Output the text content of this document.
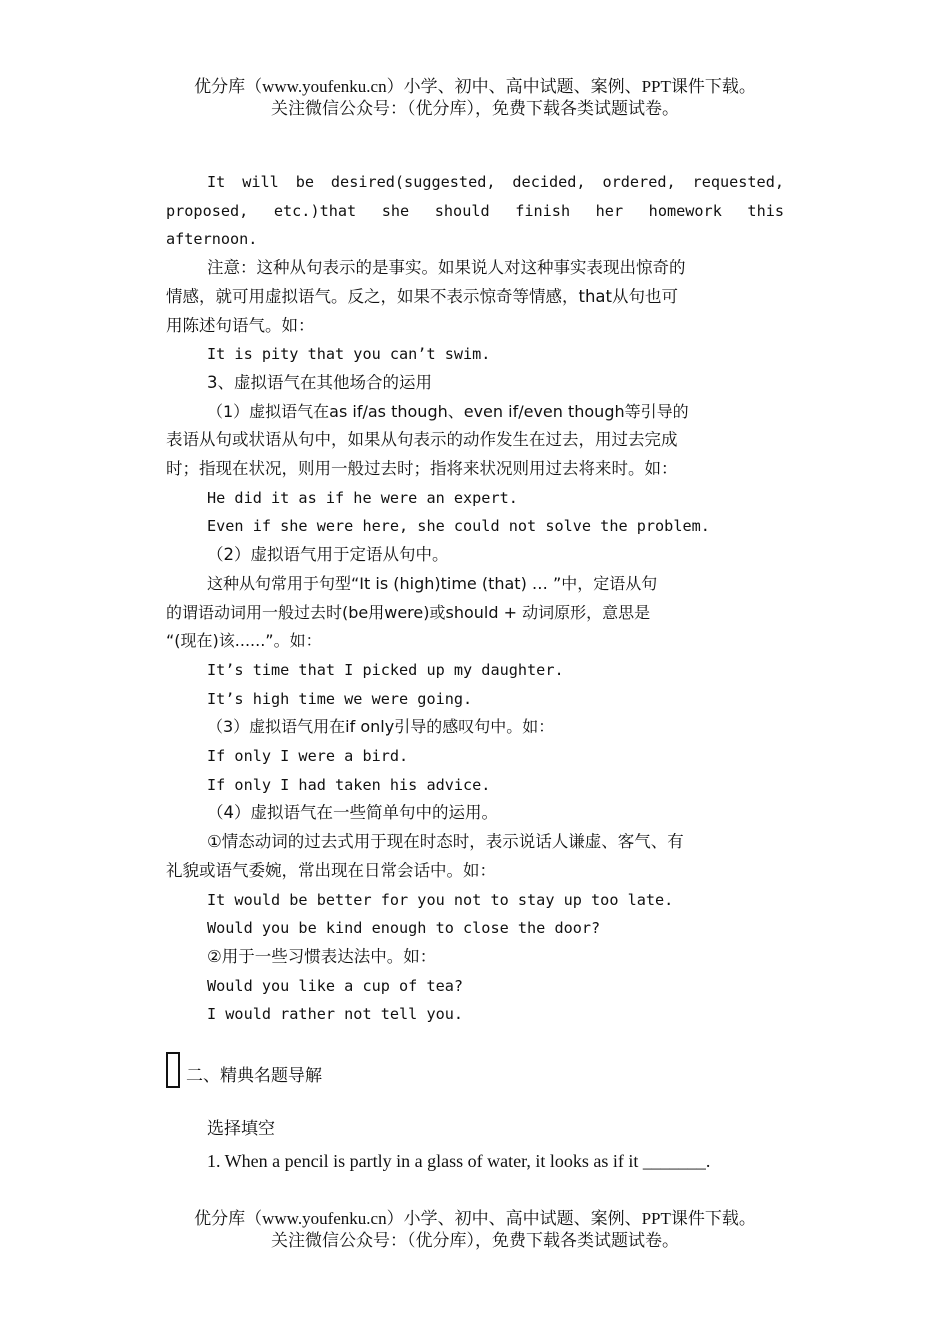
优分库（www.youfenku.cn）小学、初中、高中试题、案例、PPT课件下载。
关注微信公众号：（优分库），免费下载各类试题试卷。
It will be desired(suggested, decided, ordered, requested,
proposed, etc.)that she should finish her homework this
afternoon.
注意：这种从句表示的是事实。如果说人对这种事实表现出惊奇的
情感，就可用虚拟语气。反之，如果不表示惊奇等情感，that从句也可
用陈述句语气。如：
It is pity that you can’t swim.
3、虚拟语气在其他场合的运用
（1）虚拟语气在as if/as though、even if/even though等引导的
表语从句或状语从句中，如果从句表示的动作发生在过去，用过去完成
时；指现在状况，则用一般过去时；指将来状况则用过去将来时。如：
He did it as if he were an expert.
Even if she were here, she could not solve the problem.
（2）虚拟语气用于定语从句中。
这种从句常用于句型“It is (high)time (that) … ”中，定语从句
的谓语动词用一般过去时(be用were)或should + 动词原形，意思是
“(现在)该......”。如：
It’s time that I picked up my daughter.
It’s high time we were going.
（3）虚拟语气用在if only引导的感叹句中。如：
If only I were a bird.
If only I had taken his advice.
（4）虚拟语气在一些简单句中的运用。
①情态动词的过去式用于现在时态时，表示说话人谦虚、客气、有
礼貌或语气委婉，常出现在日常会话中。如：
It would be better for you not to stay up too late.
Would you be kind enough to close the door?
②用于一些习惯表达法中。如：
Would you like a cup of tea?
I would rather not tell you.
二、精典名题导解
选择填空
1. When a pencil is partly in a glass of water, it looks as if it _______.
优分库（www.youfenku.cn）小学、初中、高中试题、案例、PPT课件下载。
关注微信公众号：（优分库），免费下载各类试题试卷。
